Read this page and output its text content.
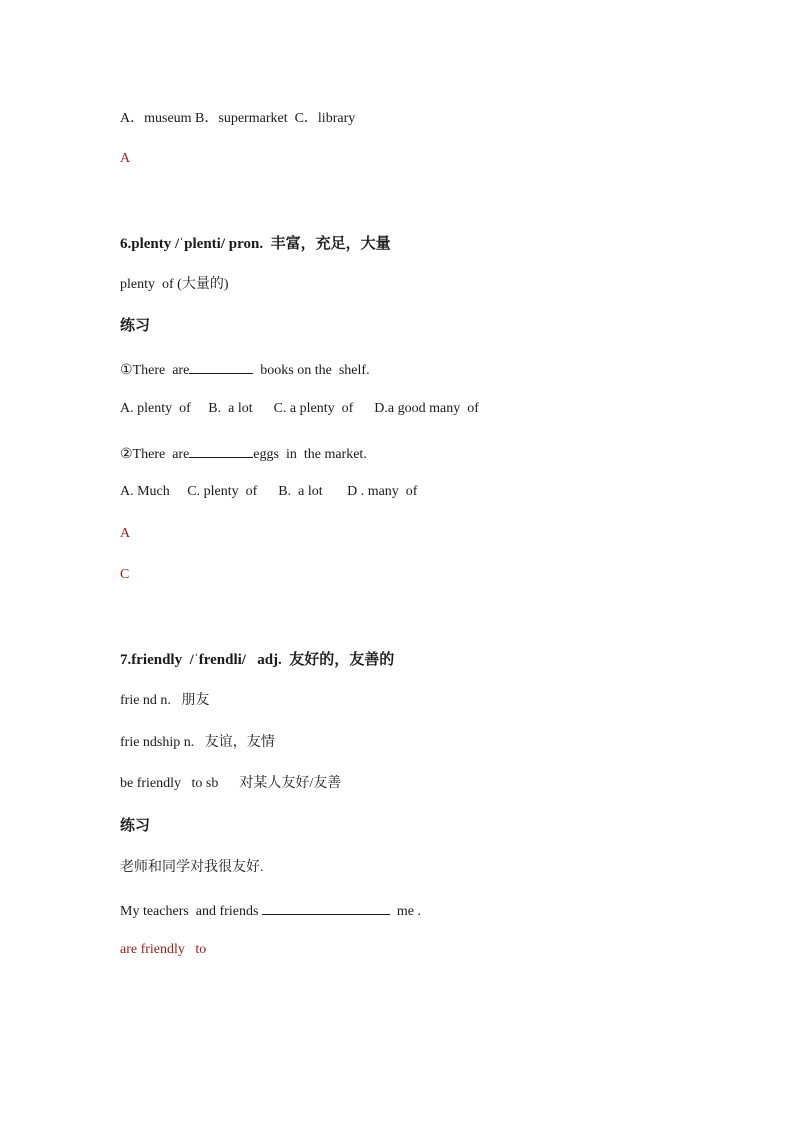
A．museum B．supermarket  C．library
A
6.plenty /ˈplenti/ pron.  丰富，充足，大量
plenty  of (大量的)
练习
①There  are	books on the  shelf.
A. plenty  of     B.  a lot      C. a plenty  of      D.a good many  of
②There  are	eggs  in  the market.
A. Much     C. plenty  of      B.  a lot       D . many  of
A
C
7.friendly  /ˈfrendli/   adj.  友好的，友善的
frie nd n.   朋友
frie ndship n.   友谊，友情
be friendly   to sb      对某人友好/友善
练习
老师和同学对我很友好.
My teachers  and friends	me .
are friendly   to
